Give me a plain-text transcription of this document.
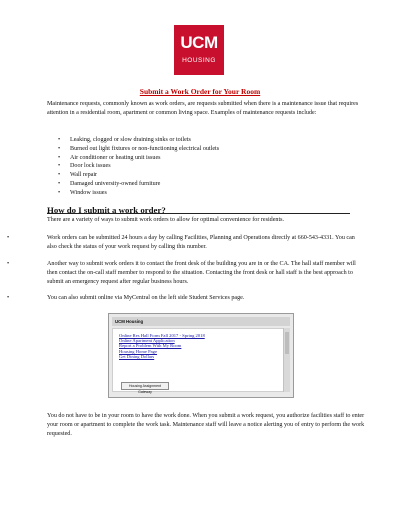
UCM
HOUSING
Submit a Work Order for Your Room
Maintenance requests, commonly known as work orders, are requests submitted when there is a maintenance issue that requires attention in a residential room, apartment or common living space. Examples of maintenance requests include:
• Leaking, clogged or slow draining sinks or toilets
• Burned out light fixtures or non-functioning electrical outlets
• Air conditioner or heating unit issues
• Door lock issues
• Wall repair
• Damaged university-owned furniture
• Window issues
How do I submit a work order?
There are a variety of ways to submit work orders to allow for optimal convenience for residents.
•	Work orders can be submitted 24 hours a day by calling Facilities, Planning and Operations directly at 660-543-4331. You can also check the status of your work request by calling this number.
•	Another way to submit work orders it to contact the front desk of the building you are in or the CA. The hall staff member will then contact the on-call staff member to respond to the situation. Contacting the front desk or hall staff is the best approach to submit an emergency request after regular business hours.
•	You can also submit online via MyCentral on the left side Student Services page.
UCM Housing
Online Res Hall Form Fall 2017 - Spring 2018
Online Apartment Application
Report a Problem With My Room
Housing Home Page
Get Dining Dollars
Housing Assignment Gateway
You do not have to be in your room to have the work done. When you submit a work request, you authorize facilities staff to enter your room or apartment to complete the work task. Maintenance staff will leave a notice alerting you of entry to perform the work requested.
